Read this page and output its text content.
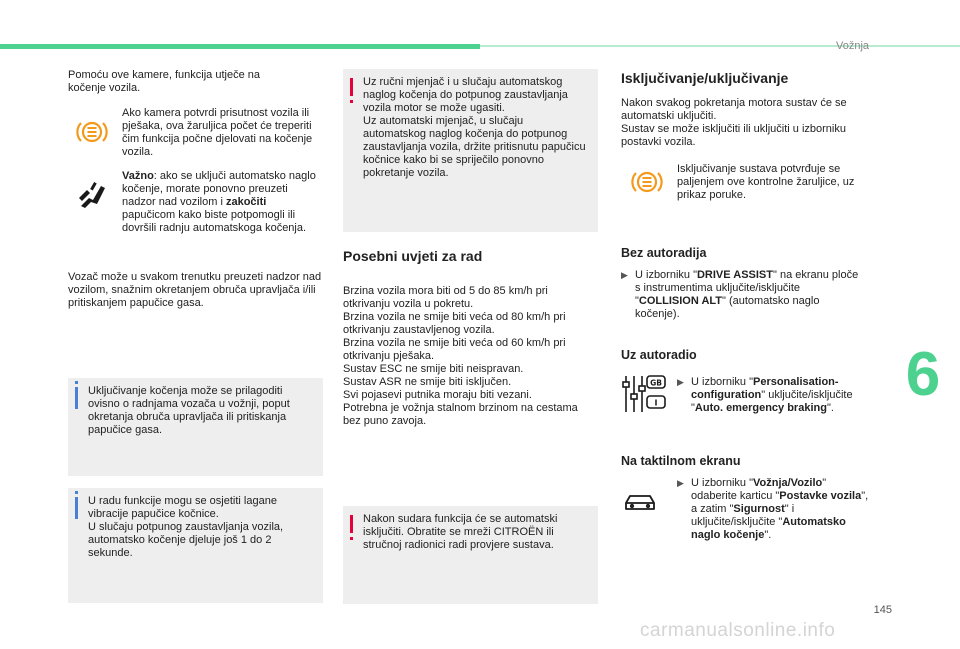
Vožnja
6
145
carmanualsonline.info

Pomoću ove kamere, funkcija utječe na kočenje vozila.

Ako kamera potvrdi prisutnost vozila ili pješaka, ova žaruljica počet će treperiti čim funkcija počne djelovati na kočenje vozila.

Važno: ako se uključi automatsko naglo kočenje, morate ponovno preuzeti nadzor nad vozilom i zakočiti papučicom kako biste potpomogli ili dovršili radnju automatskoga kočenja.

Vozač može u svakom trenutku preuzeti nadzor nad vozilom, snažnim okretanjem obruča upravljača i/ili pritiskanjem papučice gasa.

Uključivanje kočenja može se prilagoditi ovisno o radnjama vozača u vožnji, poput okretanja obruča upravljača ili pritiskanja papučice gasa.

U radu funkcije mogu se osjetiti lagane vibracije papučice kočnice.

U slučaju potpunog zaustavljanja vozila, automatsko kočenje djeluje još 1 do 2 sekunde.

Uz ručni mjenjač i u slučaju automatskog naglog kočenja do potpunog zaustavljanja vozila motor se može ugasiti.

Uz automatski mjenjač, u slučaju automatskog naglog kočenja do potpunog zaustavljanja vozila, držite pritisnutu papučicu kočnice kako bi se spriječilo ponovno pokretanje vozila.

Posebni uvjeti za rad

Brzina vozila mora biti od 5 do 85 km/h pri otkrivanju vozila u pokretu.

Brzina vozila ne smije biti veća od 80 km/h pri otkrivanju zaustavljenog vozila.

Brzina vozila ne smije biti veća od 60 km/h pri otkrivanju pješaka.

Sustav ESC ne smije biti neispravan.

Sustav ASR ne smije biti isključen.

Svi pojasevi putnika moraju biti vezani.

Potrebna je vožnja stalnom brzinom na cestama bez puno zavoja.

Nakon sudara funkcija će se automatski isključiti. Obratite se mreži CITROËN ili stručnoj radionici radi provjere sustava.

Isključivanje/uključivanje

Nakon svakog pokretanja motora sustav će se automatski uključiti.

Sustav se može isključiti ili uključiti u izborniku postavki vozila.

Isključivanje sustava potvrđuje se paljenjem ove kontrolne žaruljice, uz prikaz poruke.

Bez autoradija
▶ U izborniku "DRIVE ASSIST" na ekranu ploče s instrumentima uključite/isključite "COLLISION ALT" (automatsko naglo kočenje).

Uz autoradio
GB
I
▶ U izborniku "Personalisation-configuration" uključite/isključite "Auto. emergency braking".

Na taktilnom ekranu
▶ U izborniku "Vožnja/Vozilo" odaberite karticu "Postavke vozila", a zatim "Sigurnost" i uključite/isključite "Automatsko naglo kočenje".
